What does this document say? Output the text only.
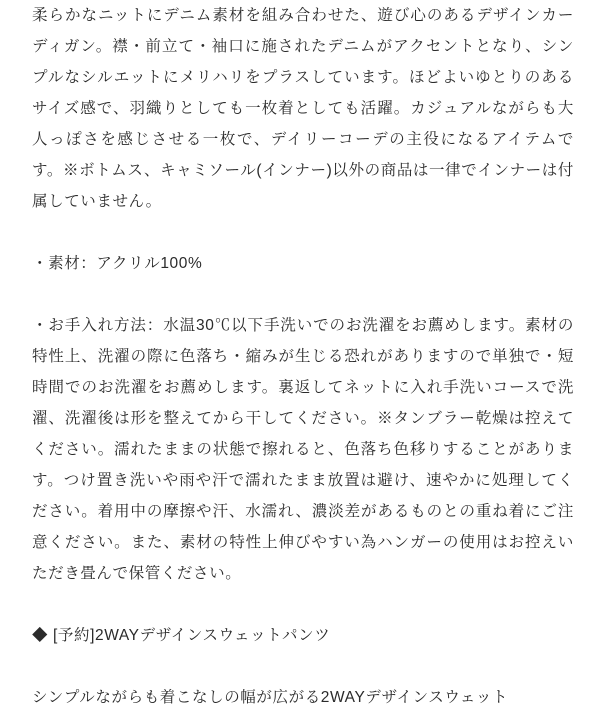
柔らかなニットにデニム素材を組み合わせた、遊び心のあるデザインカーディガン。襟・前立て・袖口に施されたデニムがアクセントとなり、シンプルなシルエットにメリハリをプラスしています。ほどよいゆとりのあるサイズ感で、羽織りとしても一枚着としても活躍。カジュアルながらも大人っぽさを感じさせる一枚で、デイリーコーデの主役になるアイテムです。※ボトムス、キャミソール(インナー)以外の商品は一律でインナーは付属していません。

・素材：アクリル100%

・お手入れ方法：水温30℃以下手洗いでのお洗濯をお薦めします。素材の特性上、洗濯の際に色落ち・縮みが生じる恐れがありますので単独で・短時間でのお洗濯をお薦めします。裏返してネットに入れ手洗いコースで洗濯、洗濯後は形を整えてから干してください。※タンブラー乾燥は控えてください。濡れたままの状態で擦れると、色落ち色移りすることがあります。つけ置き洗いや雨や汗で濡れたまま放置は避け、速やかに処理してください。着用中の摩擦や汗、水濡れ、濃淡差があるものとの重ね着にご注意ください。また、素材の特性上伸びやすい為ハンガーの使用はお控えいただき畳んで保管ください。

◆ [予約]2WAYデザインスウェットパンツ

シンプルながらも着こなしの幅が広がる2WAYデザインスウェット
